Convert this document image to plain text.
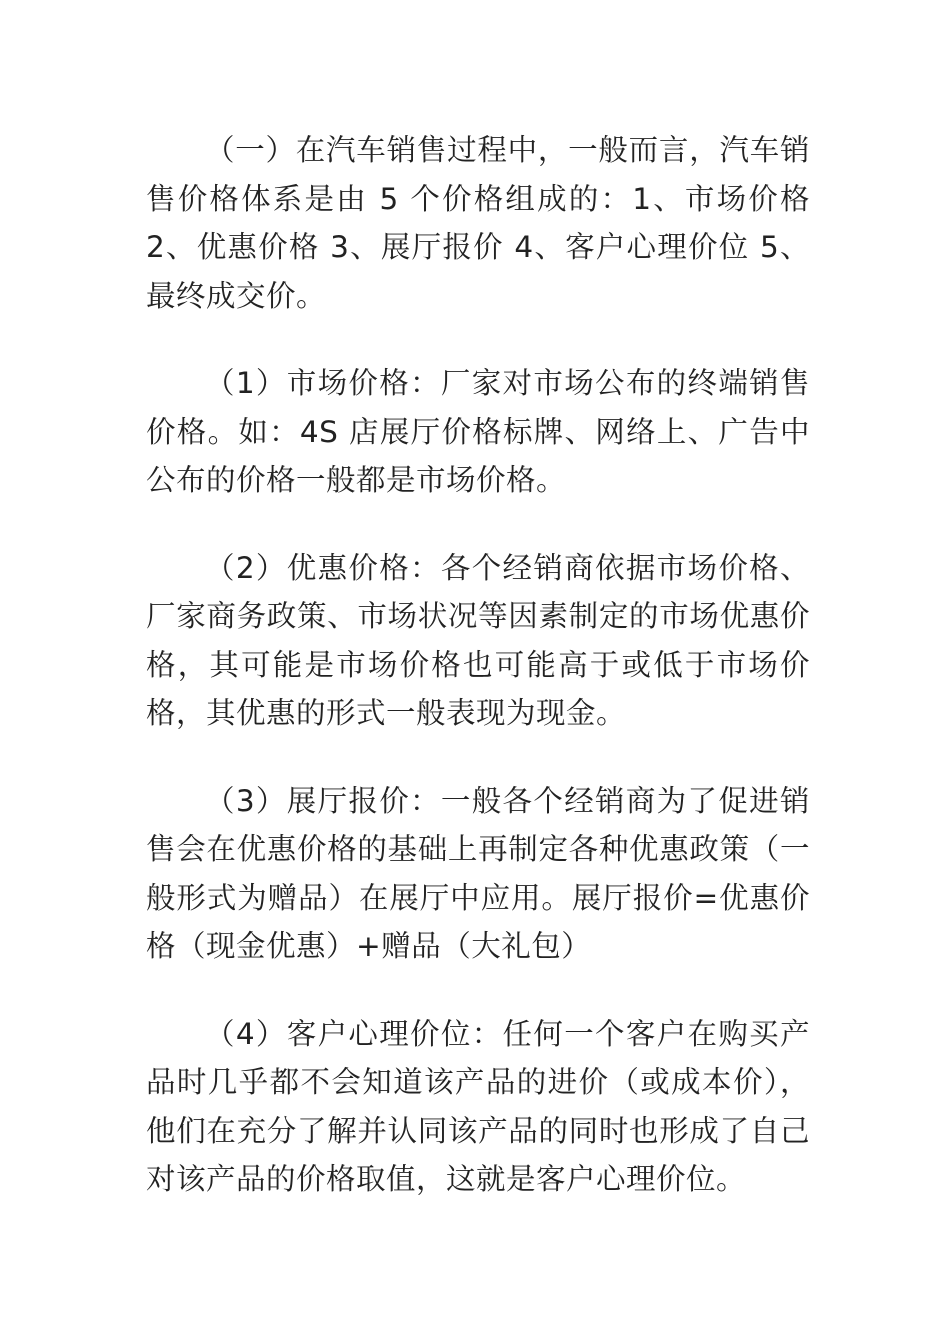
（一）在汽车销售过程中，一般而言，汽车销售价格体系是由 5 个价格组成的：1、市场价格 2、优惠价格 3、展厅报价 4、客户心理价位 5、最终成交价。

（1）市场价格：厂家对市场公布的终端销售价格。如：4S 店展厅价格标牌、网络上、广告中公布的价格一般都是市场价格。

（2）优惠价格：各个经销商依据市场价格、厂家商务政策、市场状况等因素制定的市场优惠价格，其可能是市场价格也可能高于或低于市场价格，其优惠的形式一般表现为现金。

（3）展厅报价：一般各个经销商为了促进销售会在优惠价格的基础上再制定各种优惠政策（一般形式为赠品）在展厅中应用。展厅报价=优惠价格（现金优惠）+赠品（大礼包）

（4）客户心理价位：任何一个客户在购买产品时几乎都不会知道该产品的进价（或成本价），他们在充分了解并认同该产品的同时也形成了自己对该产品的价格取值，这就是客户心理价位。
